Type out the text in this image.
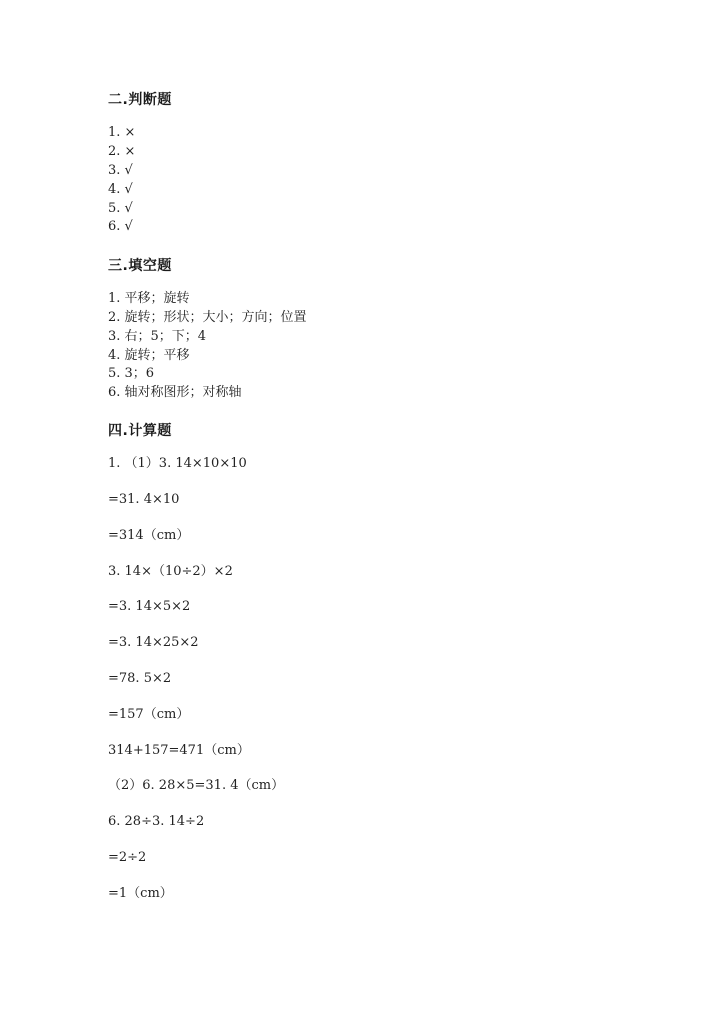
二.判断题
1. ×
2. ×
3. √
4. √
5. √
6. √
三.填空题
1. 平移；旋转
2. 旋转；形状；大小；方向；位置
3. 右；5；下；4
4. 旋转；平移
5. 3；6
6. 轴对称图形；对称轴
四.计算题
1. （1）3. 14×10×10
=31. 4×10
=314（cm）
3. 14×（10÷2）×2
=3. 14×5×2
=3. 14×25×2
=78. 5×2
=157（cm）
314+157=471（cm）
（2）6. 28×5=31. 4（cm）
6. 28÷3. 14÷2
=2÷2
=1（cm）
